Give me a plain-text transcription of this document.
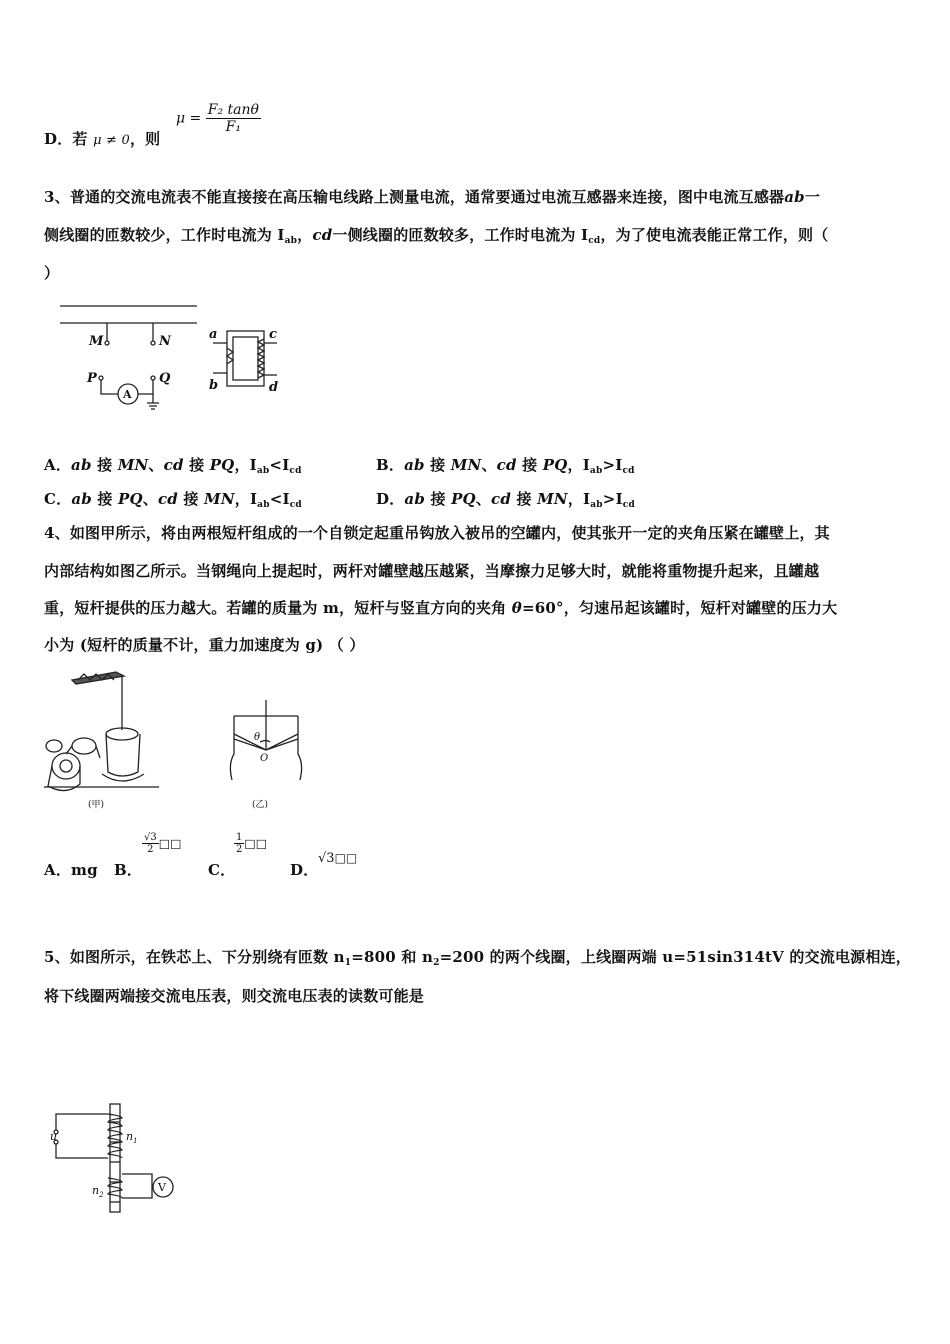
D．若 μ ≠ 0，则
$\mu = \frac{\text{F₂ tanθ}}{\text{F₁}}$
3、普通的交流电流表不能直接接在高压输电线路上测量电流，通常要通过电流互感器来连接，图中电流互感器ab一
侧线圈的匝数较少，工作时电流为 $I_{ab}$，cd一侧线圈的匝数较多，工作时电流为 $I_{cd}$，为了使电流表能正常工作，则（
）
M	N
P	Q
A
a
b
c
d
A．ab 接 MN、cd 接 PQ，$I_{ab}<I_{cd}$	B．ab 接 MN、cd 接 PQ，$I_{ab}>I_{cd}$
C．ab 接 PQ、cd 接 MN，$I_{ab}<I_{cd}$	D．ab 接 PQ、cd 接 MN，$I_{ab}>I_{cd}$
4、如图甲所示，将由两根短杆组成的一个自锁定起重吊钩放入被吊的空罐内，使其张开一定的夹角压紧在罐壁上，其
内部结构如图乙所示。当钢绳向上提起时，两杆对罐壁越压越紧，当摩擦力足够大时，就能将重物提升起来，且罐越
重，短杆提供的压力越大。若罐的质量为 m，短杆与竖直方向的夹角 θ=60°，匀速吊起该罐时，短杆对罐壁的压力大
小为 (短杆的质量不计，重力加速度为 g) （ ）
(甲)
θ
O
(乙)
A．mg B．
$\frac{√3}{2}$ □□
C．
$\frac{1}{2}$ □□
D．
√3□□
5、如图所示，在铁芯上、下分别绕有匝数 $n_1=800$ 和 $n_2=200$ 的两个线圈，上线圈两端 u=51sin314tV 的交流电源相连，
将下线圈两端接交流电压表，则交流电压表的读数可能是
u	$n_1$
$n_2$
V
